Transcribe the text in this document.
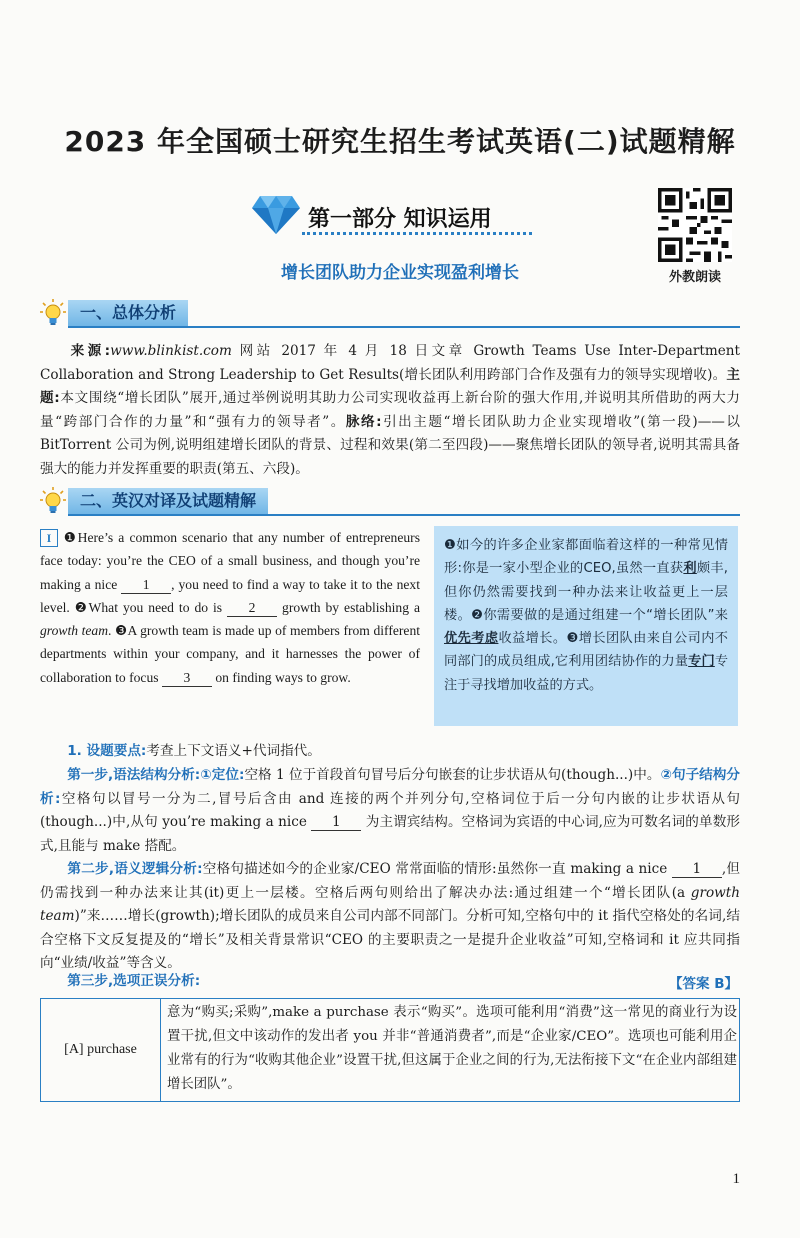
2023 年全国硕士研究生招生考试英语(二)试题精解
第一部分 知识运用
增长团队助力企业实现盈利增长	外教朗读
一、总体分析
  来源:www.blinkist.com 网站 2017 年 4 月 18 日文章 Growth Teams Use Inter-Department Collaboration and Strong Leadership to Get Results(增长团队利用跨部门合作及强有力的领导实现增收)。主题:本文围绕“增长团队”展开,通过举例说明其助力公司实现收益再上新台阶的强大作用,并说明其所借助的两大力量“跨部门合作的力量”和“强有力的领导者”。脉络:引出主题“增长团队助力企业实现增收”(第一段)——以 BitTorrent 公司为例,说明组建增长团队的背景、过程和效果(第二至四段)——聚焦增长团队的领导者,说明其需具备强大的能力并发挥重要的职责(第五、六段)。
二、英汉对译及试题精解
I ❶Here’s a common scenario that any number of entrepreneurs face today: you’re the CEO of a small business, and though you’re making a nice 1 , you need to find a way to take it to the next level. ❷What you need to do is 2 growth by establishing a growth team. ❸A growth team is made up of members from different departments within your company, and it harnesses the power of collaboration to focus 3 on finding ways to grow.
❶如今的许多企业家都面临着这样的一种常见情形:你是一家小型企业的CEO,虽然一直获利颇丰,但你仍然需要找到一种办法来让收益更上一层楼。❷你需要做的是通过组建一个“增长团队”来优先考虑收益增长。❸增长团队由来自公司内不同部门的成员组成,它利用团结协作的力量专门专注于寻找增加收益的方式。
  1. 设题要点:考查上下文语义+代词指代。
  第一步,语法结构分析:①定位:空格 1 位于首段首句冒号后分句嵌套的让步状语从句(though...)中。②句子结构分析:空格句以冒号一分为二,冒号后含由 and 连接的两个并列分句,空格词位于后一分句内嵌的让步状语从句(though...)中,从句 you’re making a nice 1 为主谓宾结构。空格词为宾语的中心词,应为可数名词的单数形式,且能与 make 搭配。
  第二步,语义逻辑分析:空格句描述如今的企业家/CEO 常常面临的情形:虽然你一直 making a nice 1 ,但仍需找到一种办法来让其(it)更上一层楼。空格后两句则给出了解决办法:通过组建一个“增长团队(a growth team)”来……增长(growth);增长团队的成员来自公司内部不同部门。分析可知,空格句中的 it 指代空格处的名词,结合空格下文反复提及的“增长”及相关背景常识“CEO 的主要职责之一是提升企业收益”可知,空格词和 it 应共同指向“业绩/收益”等含义。
  第三步,选项正误分析:	【答案 B】
[A] purchase
意为“购买;采购”,make a purchase 表示“购买”。选项可能利用“消费”这一常见的商业行为设置干扰,但文中该动作的发出者 you 并非“普通消费者”,而是“企业家/CEO”。选项也可能利用企业常有的行为“收购其他企业”设置干扰,但这属于企业之间的行为,无法衔接下文“在企业内部组建增长团队”。
1
